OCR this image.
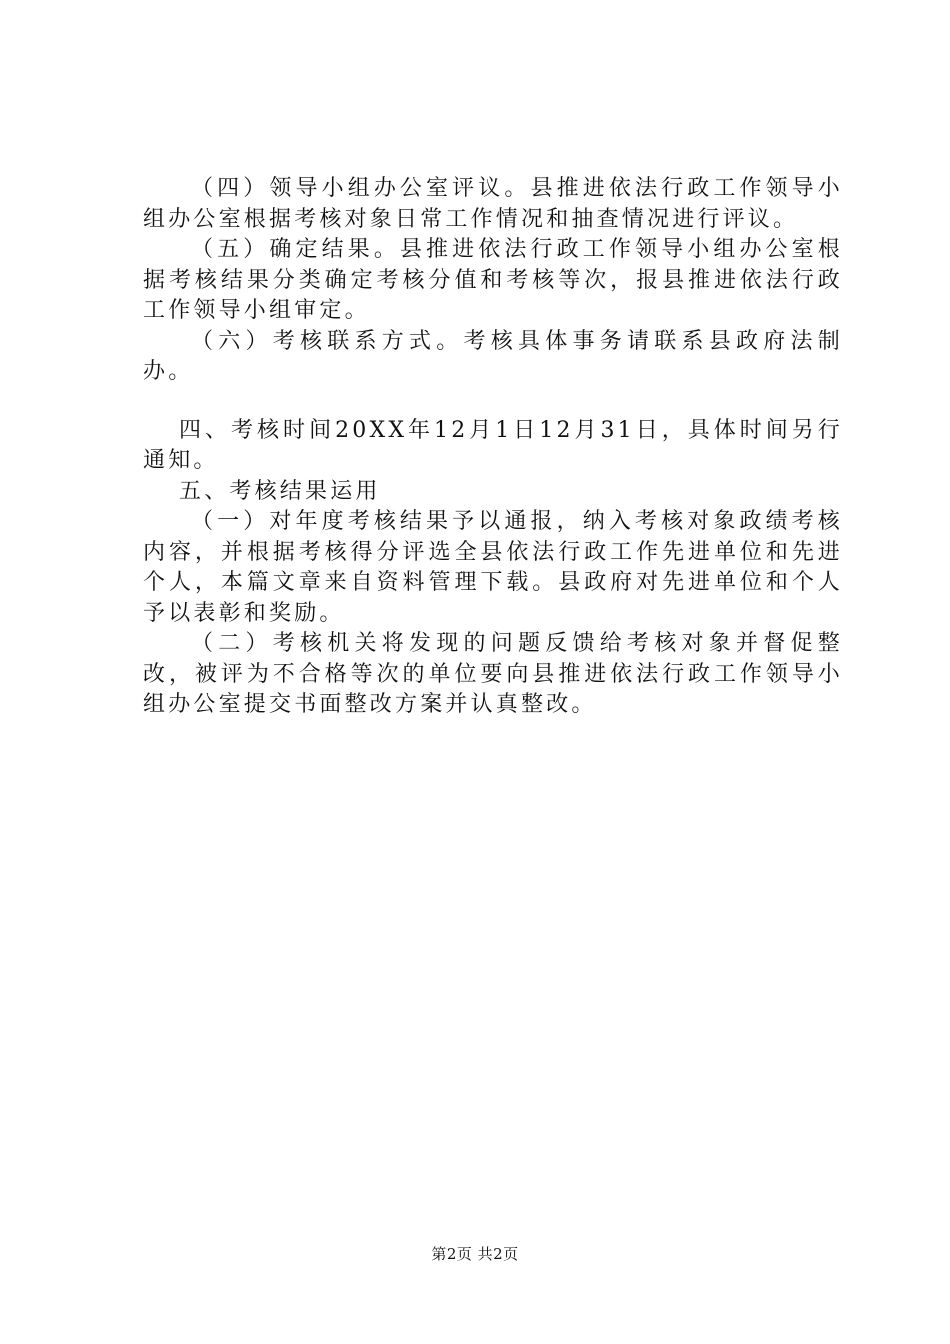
（四）领导小组办公室评议。县推进依法行政工作领导小组办公室根据考核对象日常工作情况和抽查情况进行评议。

（五）确定结果。县推进依法行政工作领导小组办公室根据考核结果分类确定考核分值和考核等次，报县推进依法行政工作领导小组审定。

（六）考核联系方式。考核具体事务请联系县政府法制办。

四、考核时间20XX年12月1日12月31日，具体时间另行通知。

五、考核结果运用

（一）对年度考核结果予以通报，纳入考核对象政绩考核内容，并根据考核得分评选全县依法行政工作先进单位和先进个人，本篇文章来自资料管理下载。县政府对先进单位和个人予以表彰和奖励。

（二）考核机关将发现的问题反馈给考核对象并督促整改，被评为不合格等次的单位要向县推进依法行政工作领导小组办公室提交书面整改方案并认真整改。

第2页 共2页
